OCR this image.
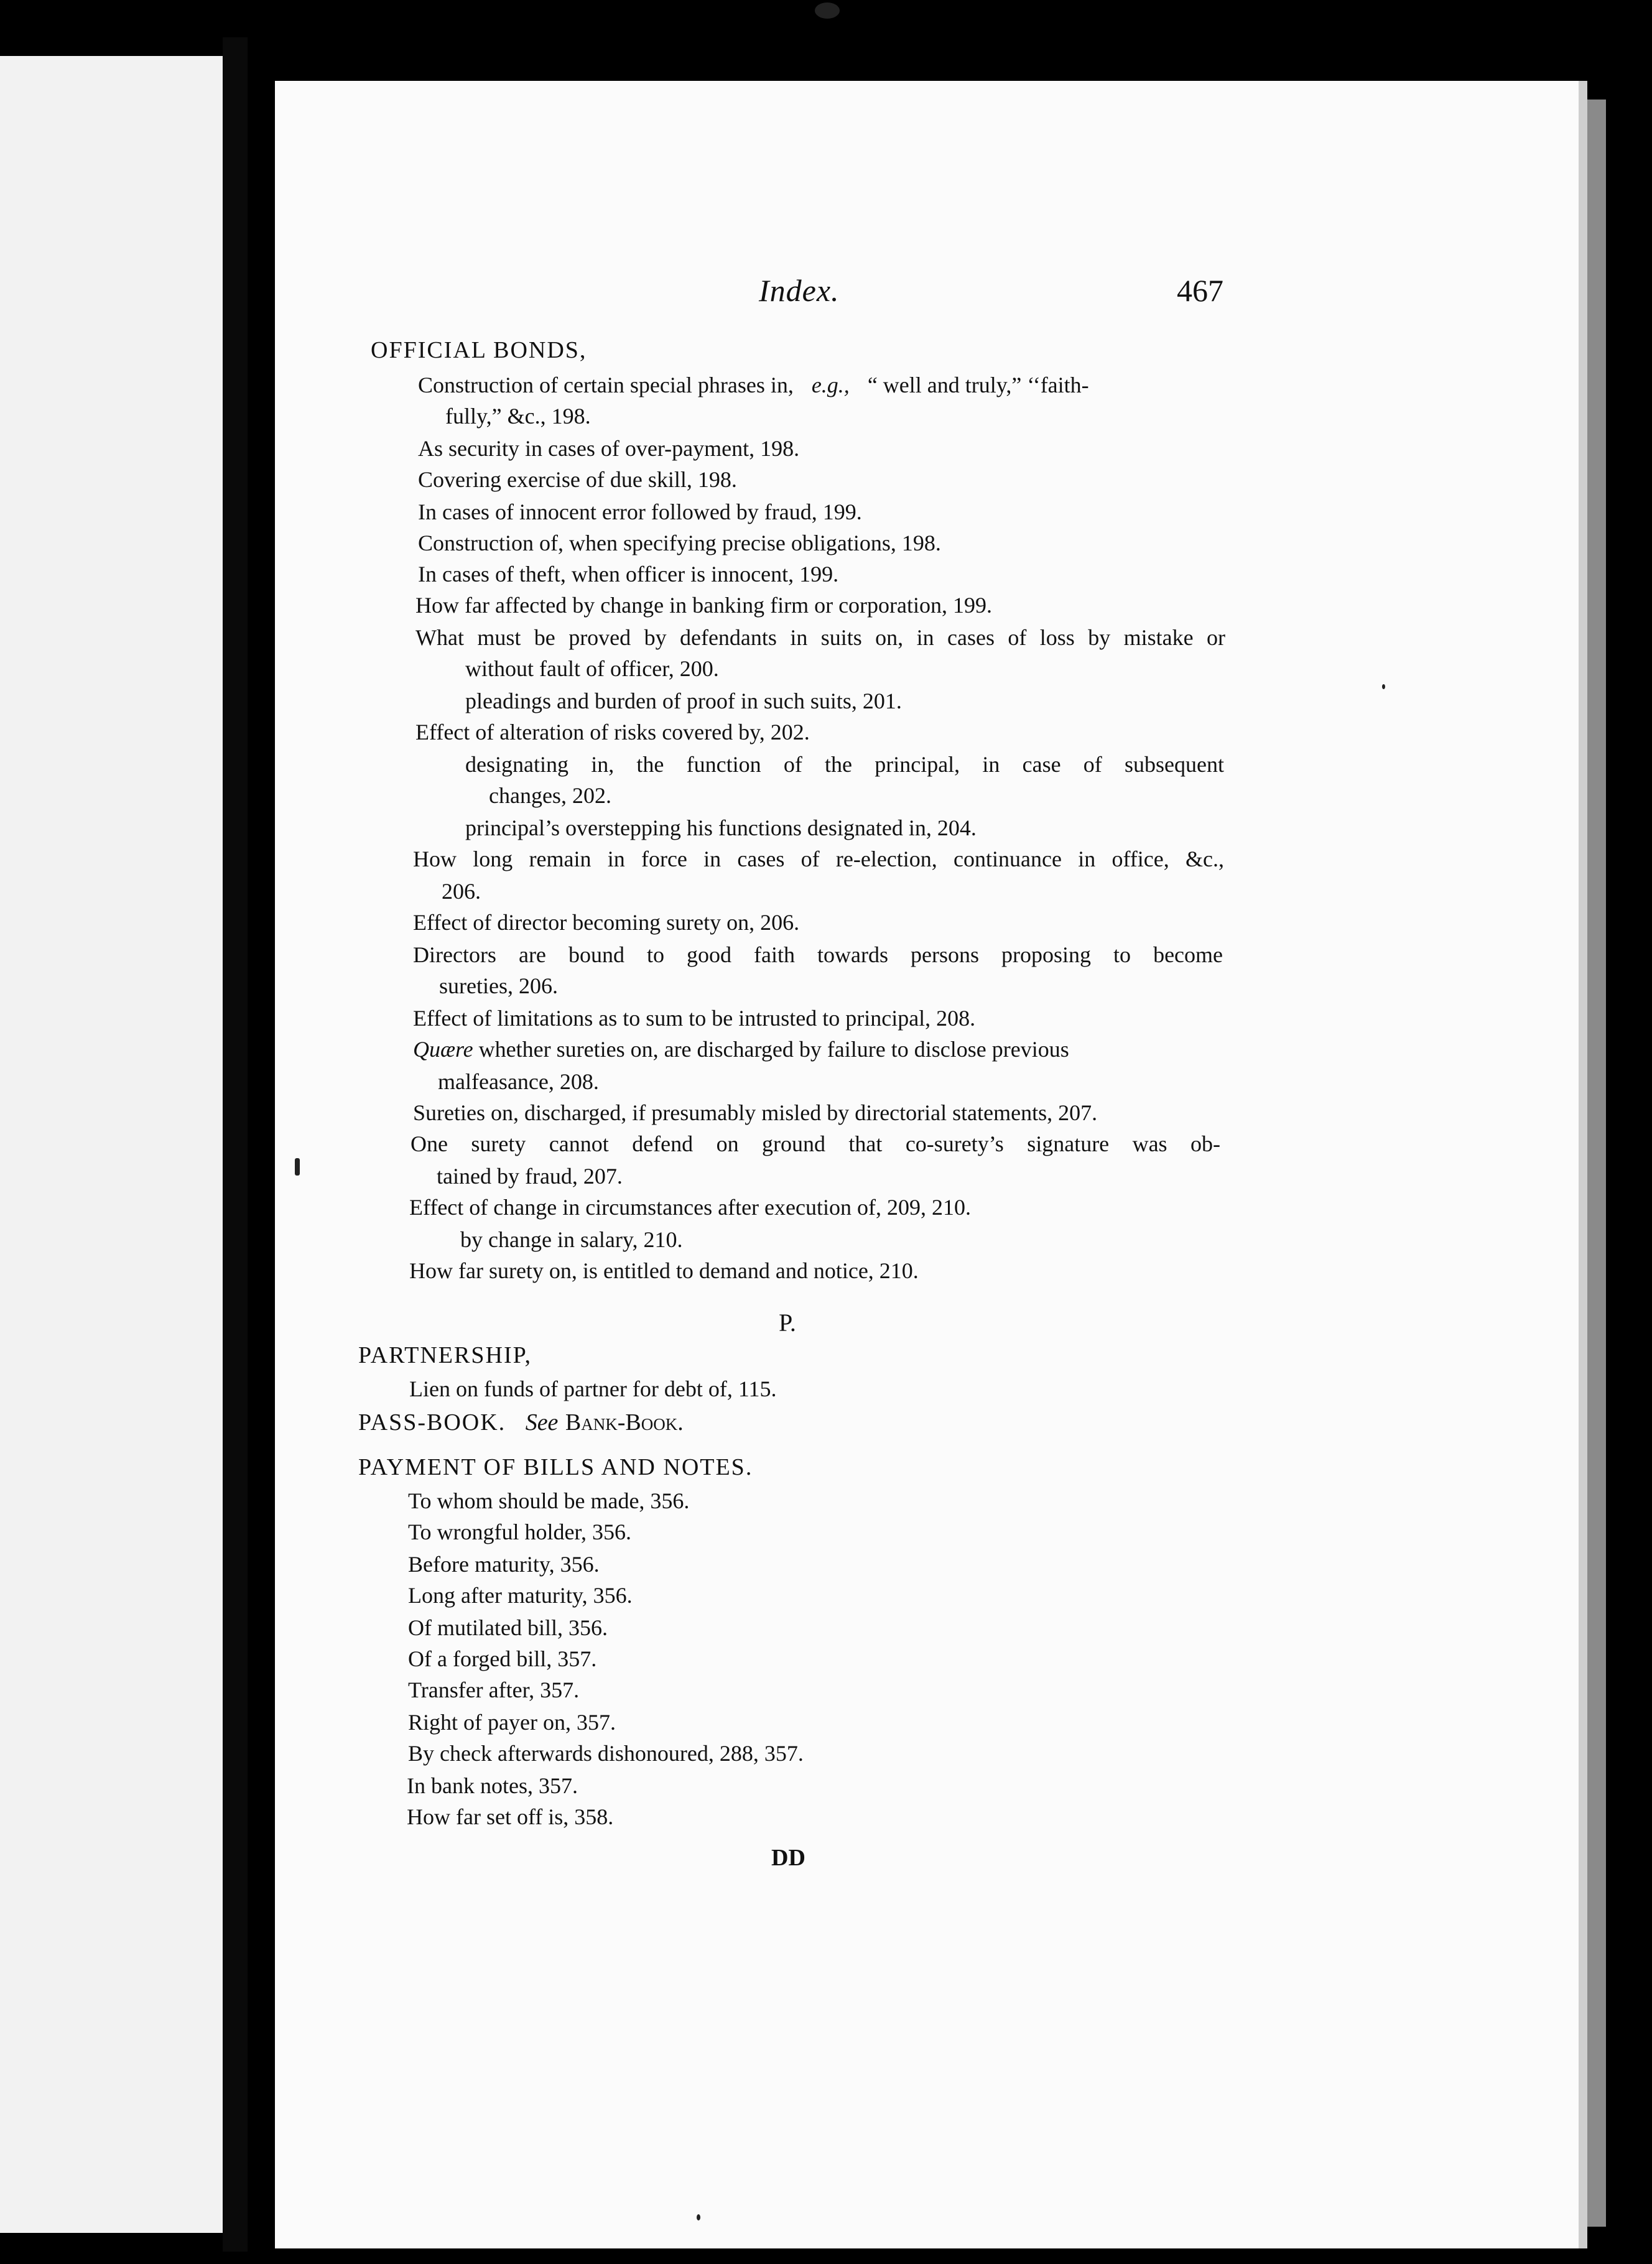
Index.	467
OFFICIAL BONDS,
Construction of certain special phrases in, e.g., “ well and truly,” ‘‘faith-
fully,” &c., 198.
As security in cases of over-payment, 198.
Covering exercise of due skill, 198.
In cases of innocent error followed by fraud, 199.
Construction of, when specifying precise obligations, 198.
In cases of theft, when officer is innocent, 199.
How far affected by change in banking firm or corporation, 199.
What must be proved by defendants in suits on, in cases of loss by mistake or
without fault of officer, 200.
pleadings and burden of proof in such suits, 201.
Effect of alteration of risks covered by, 202.
designating in, the function of the principal, in case of subsequent
changes, 202.
principal’s overstepping his functions designated in, 204.
How long remain in force in cases of re-election, continuance in office, &c.,
206.
Effect of director becoming surety on, 206.
Directors are bound to good faith towards persons proposing to become
sureties, 206.
Effect of limitations as to sum to be intrusted to principal, 208.
Quære whether sureties on, are discharged by failure to disclose previous
malfeasance, 208.
Sureties on, discharged, if presumably misled by directorial statements, 207.
One surety cannot defend on ground that co-surety’s signature was ob-
tained by fraud, 207.
Effect of change in circumstances after execution of, 209, 210.
by change in salary, 210.
How far surety on, is entitled to demand and notice, 210.
P.
PARTNERSHIP,
Lien on funds of partner for debt of, 115.
PASS-BOOK. See Bank-Book.
PAYMENT OF BILLS AND NOTES.
To whom should be made, 356.
To wrongful holder, 356.
Before maturity, 356.
Long after maturity, 356.
Of mutilated bill, 356.
Of a forged bill, 357.
Transfer after, 357.
Right of payer on, 357.
By check afterwards dishonoured, 288, 357.
In bank notes, 357.
How far set off is, 358.
DD
